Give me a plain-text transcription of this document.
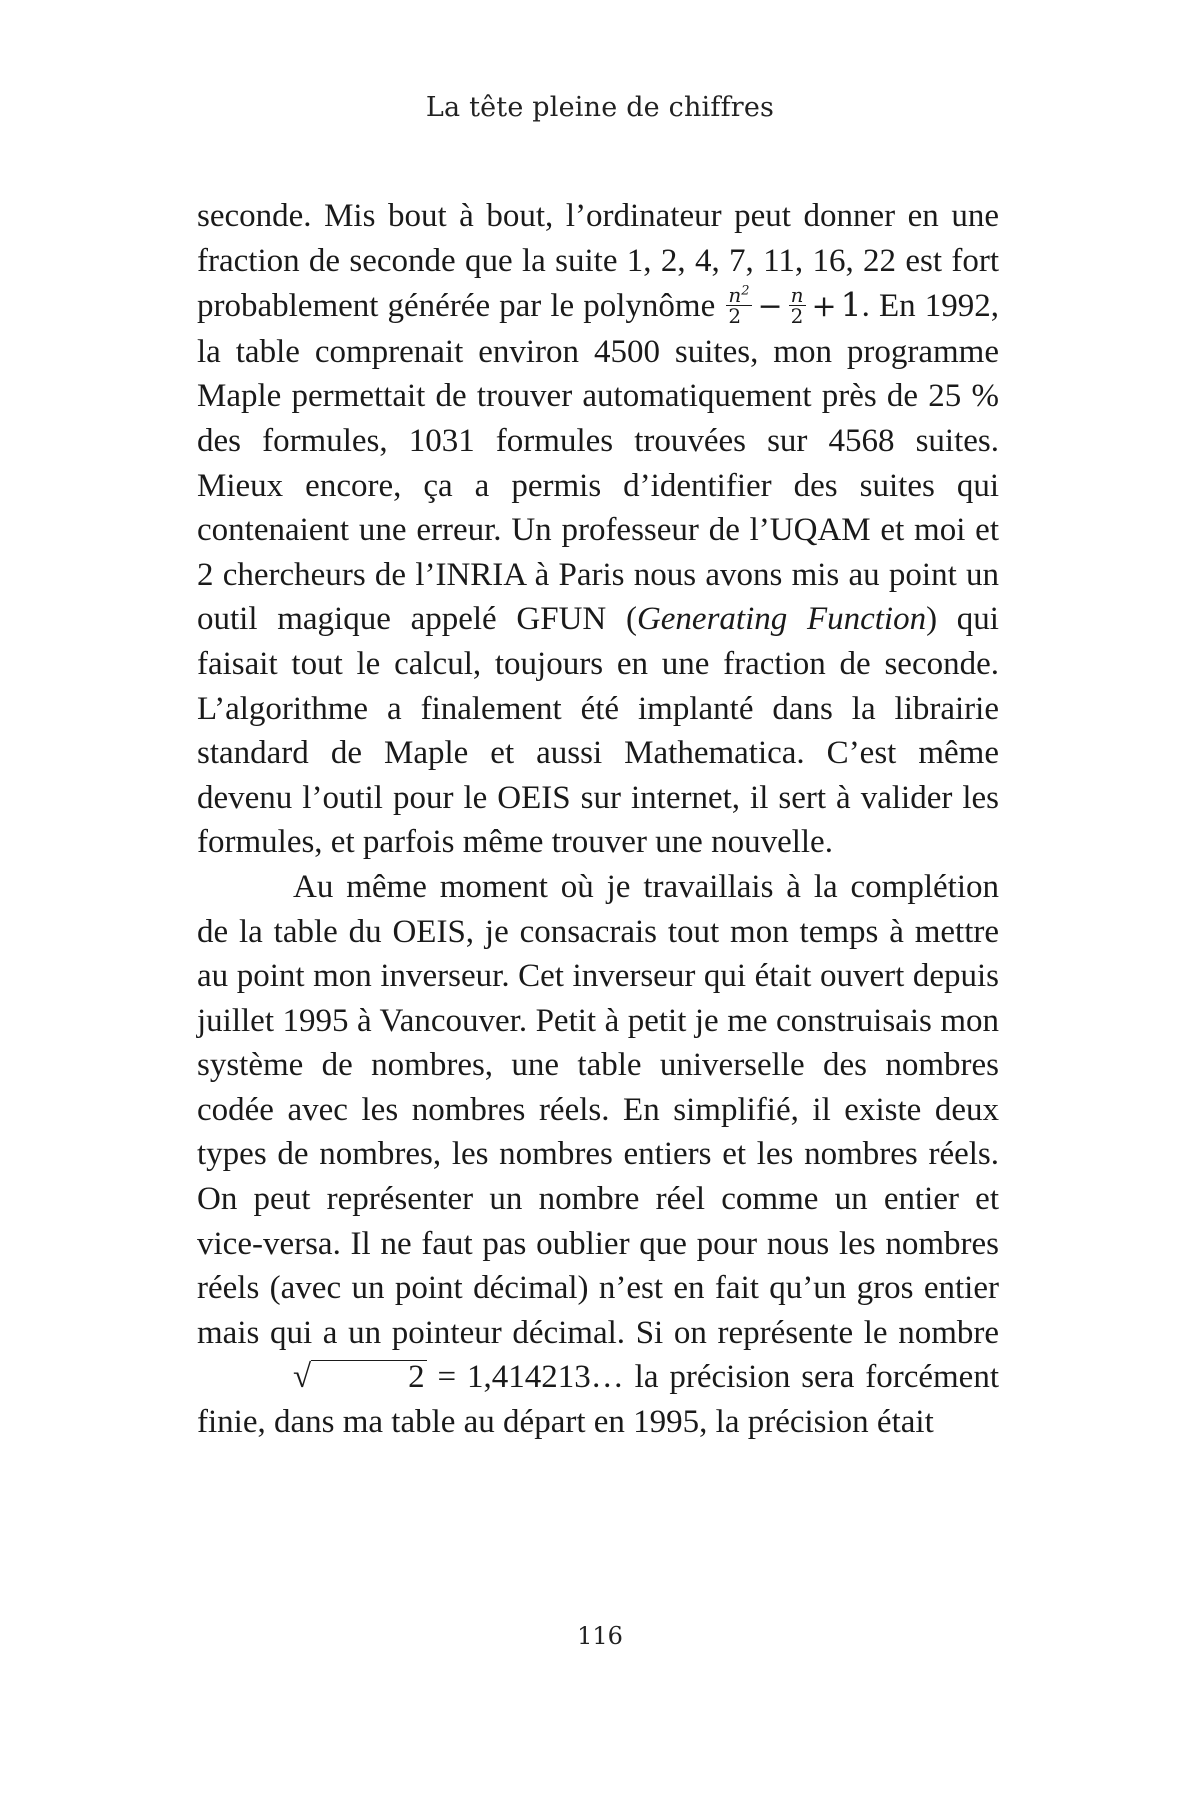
La tête pleine de chiffres

seconde. Mis bout à bout, l’ordinateur peut donner en une fraction de seconde que la suite 1, 2, 4, 7, 11, 16, 22 est fort probablement générée par le polynôme $\frac{n^2}{2} - \frac{n}{2} + 1$. En 1992, la table comprenait environ 4500 suites, mon programme Maple permettait de trouver automatiquement près de 25 % des formules, 1031 formules trouvées sur 4568 suites. Mieux encore, ça a permis d’identifier des suites qui contenaient une erreur. Un professeur de l’UQAM et moi et 2 chercheurs de l’INRIA à Paris nous avons mis au point un outil magique appelé GFUN (Generating Function) qui faisait tout le calcul, toujours en une fraction de seconde. L’algorithme a finalement été implanté dans la librairie standard de Maple et aussi Mathematica. C’est même devenu l’outil pour le OEIS sur internet, il sert à valider les formules, et parfois même trouver une nouvelle.

Au même moment où je travaillais à la complétion de la table du OEIS, je consacrais tout mon temps à mettre au point mon inverseur. Cet inverseur qui était ouvert depuis juillet 1995 à Vancouver. Petit à petit je me construisais mon système de nombres, une table universelle des nombres codée avec les nombres réels. En simplifié, il existe deux types de nombres, les nombres entiers et les nombres réels. On peut représenter un nombre réel comme un entier et vice-versa. Il ne faut pas oublier que pour nous les nombres réels (avec un point décimal) n’est en fait qu’un gros entier mais qui a un pointeur décimal. Si on représente le nombre √	2 = 1,414213… la précision sera forcément finie, dans ma table au départ en 1995, la précision était

116
